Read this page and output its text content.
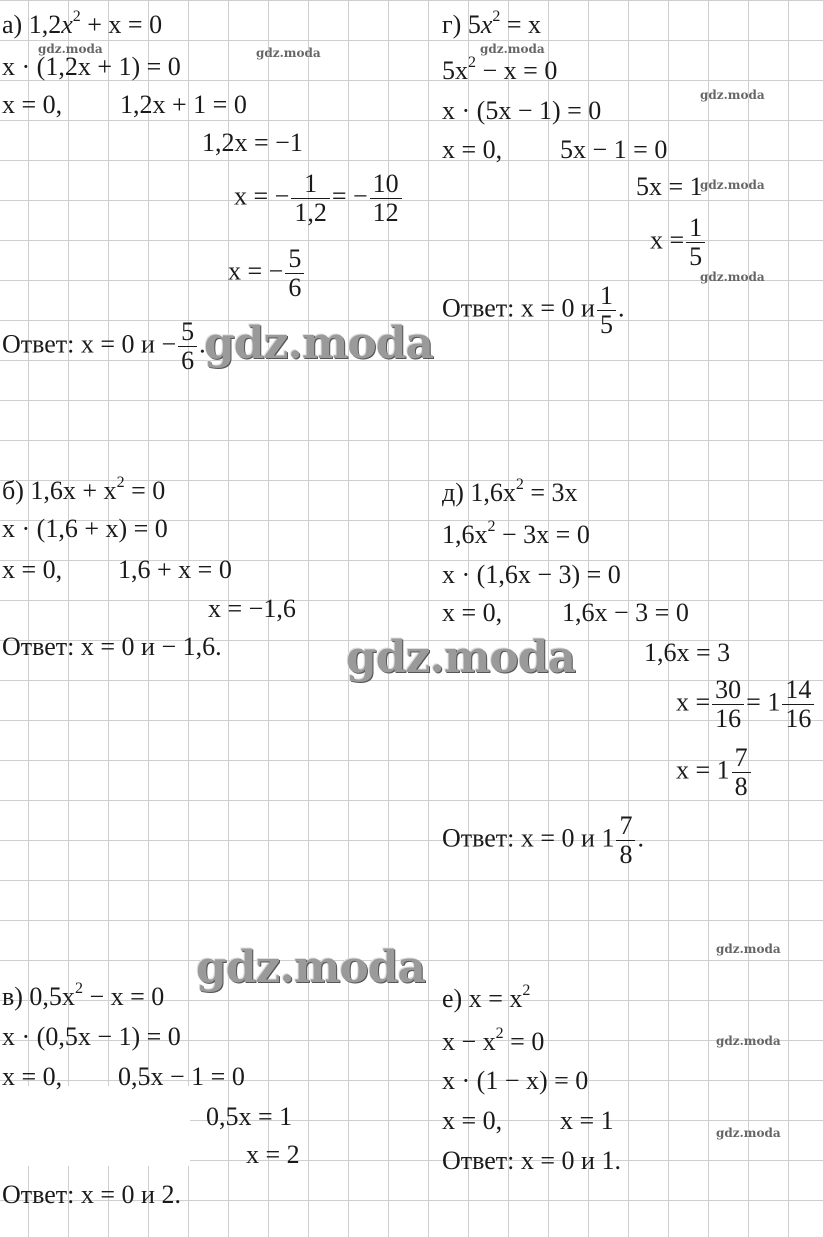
а) $1,2x^2 + x = 0$
x · (1,2x + 1) = 0
x = 0, 1,2x + 1 = 0
1,2x = −1
x = − $\frac{1}{1,2}$ = − $\frac{10}{12}$
x = − $\frac{5}{6}$
Ответ: x = 0 $и - \frac{5}{6}$ .
г) $5x^2 = x$
$5x^2 - x = 0$
x · (5x − 1) = 0
x = 0, 5x − 1 = 0
5x = 1
$x = \frac{1}{5}$
Ответ: x = 0 и $\frac{1}{5}$ .
б) $1,6x + x^2 = 0$
x · (1,6 + x) = 0
x = 0, 1,6 + x = 0
x = −1,6
Ответ: x = 0 и − 1,6.
д) $1,6x^2 = 3x$
$1,6x^2 - 3x = 0$
x · (1,6x − 3) = 0
x = 0, 1,6x − 3 = 0
1,6x = 3
$x = \frac{30}{16} = 1 \frac{14}{16}$
$x = 1 \frac{7}{8}$
Ответ: x = 0 и $1 \frac{7}{8}$ .
в) $0,5x^2 - x = 0$
x · (0,5x − 1) = 0
x = 0, 0,5x − 1 = 0
0,5x = 1
x = 2
Ответ: x = 0 и 2.
е) $x = x^2$
$x - x^2 = 0$
x · (1 − x) = 0
x = 0, x = 1
Ответ: x = 0 и 1.
gdz.moda	gdz.moda	gdz.moda
gdz.moda
gdz.moda
gdz.moda
gdz.moda
gdz.moda
gdz.moda
gdz.moda
gdz.moda
gdz.moda
